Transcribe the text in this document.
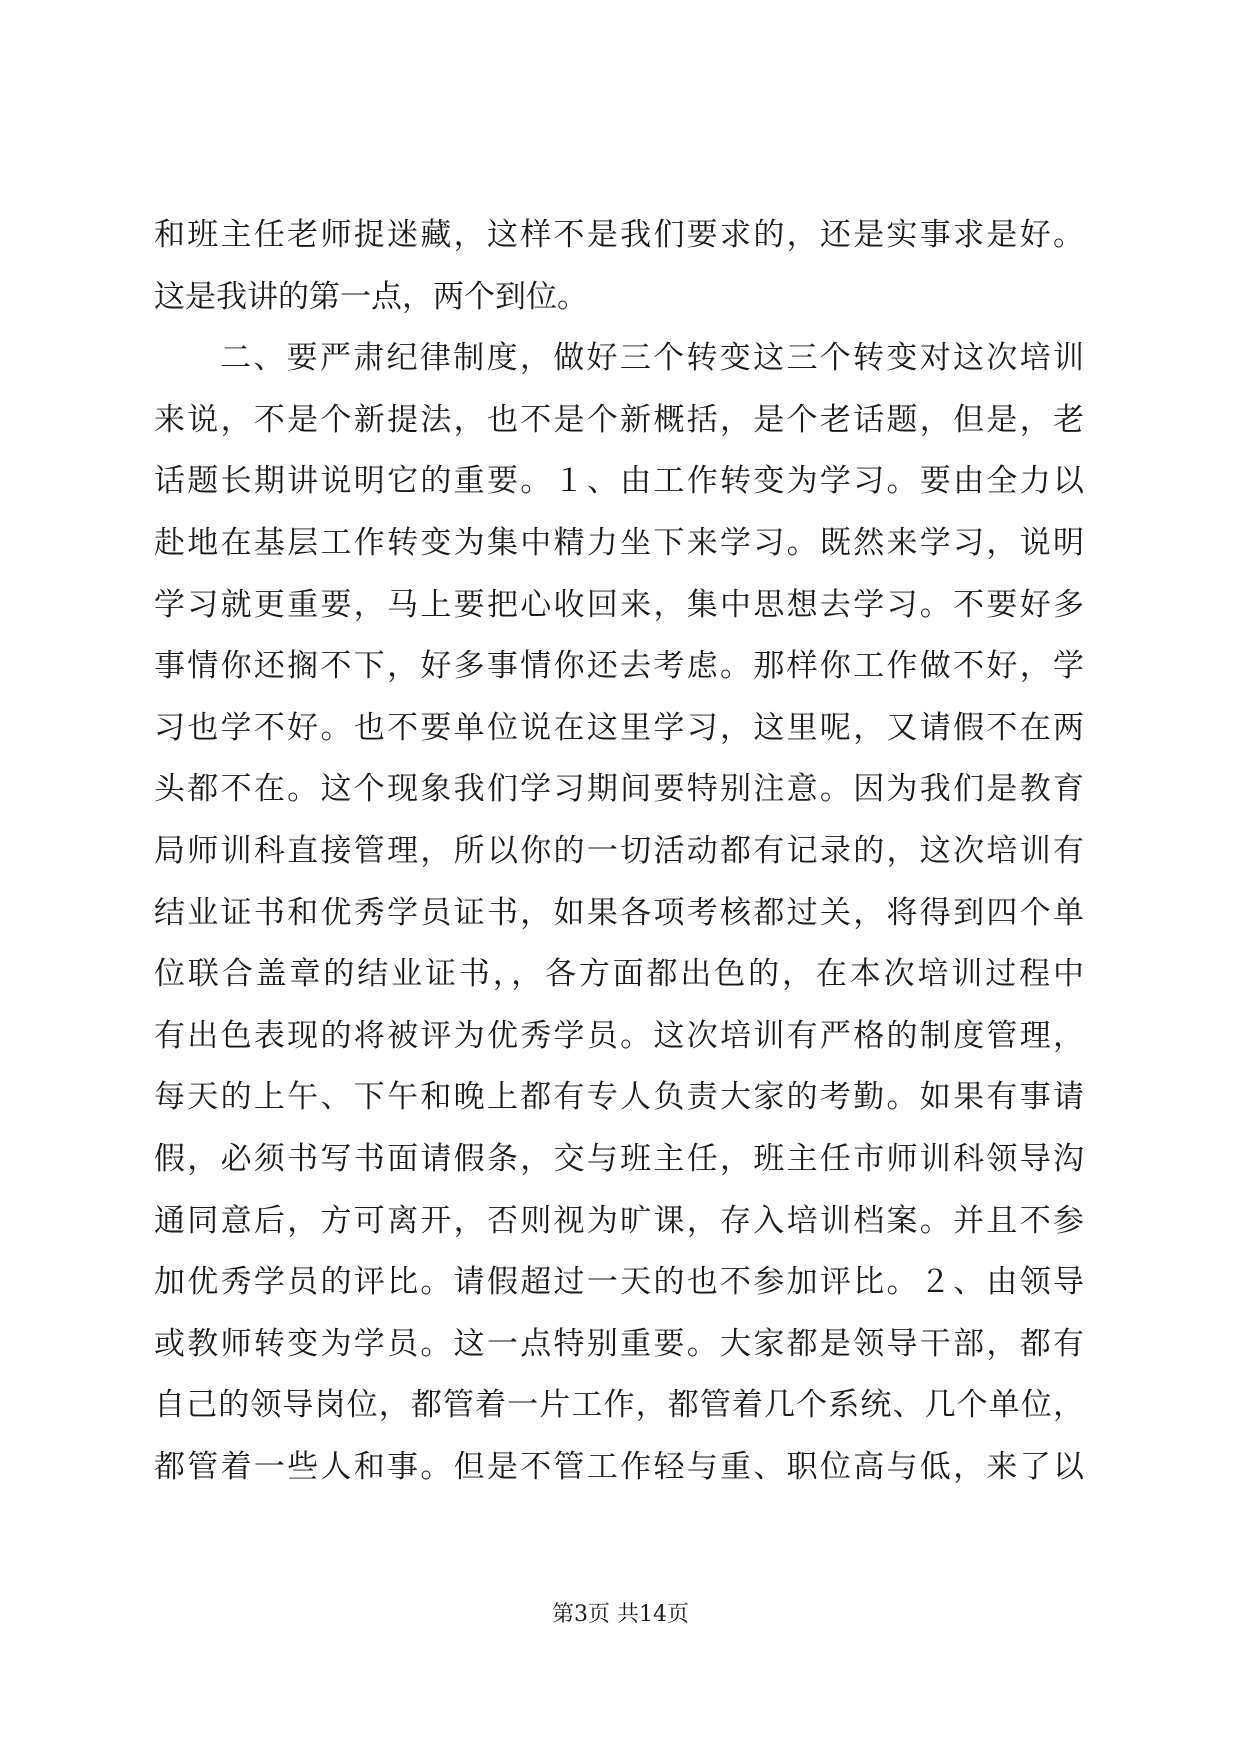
和班主任老师捉迷藏，这样不是我们要求的，还是实事求是好。
这是我讲的第一点，两个到位。
二、要严肃纪律制度，做好三个转变这三个转变对这次培训
来说，不是个新提法，也不是个新概括，是个老话题，但是，老
话题长期讲说明它的重要。１、由工作转变为学习。要由全力以
赴地在基层工作转变为集中精力坐下来学习。既然来学习，说明
学习就更重要，马上要把心收回来，集中思想去学习。不要好多
事情你还搁不下，好多事情你还去考虑。那样你工作做不好，学
习也学不好。也不要单位说在这里学习，这里呢，又请假不在两
头都不在。这个现象我们学习期间要特别注意。因为我们是教育
局师训科直接管理，所以你的一切活动都有记录的，这次培训有
结业证书和优秀学员证书，如果各项考核都过关，将得到四个单
位联合盖章的结业证书，，各方面都出色的，在本次培训过程中
有出色表现的将被评为优秀学员。这次培训有严格的制度管理，
每天的上午、下午和晚上都有专人负责大家的考勤。如果有事请
假，必须书写书面请假条，交与班主任，班主任市师训科领导沟
通同意后，方可离开，否则视为旷课，存入培训档案。并且不参
加优秀学员的评比。请假超过一天的也不参加评比。２、由领导
或教师转变为学员。这一点特别重要。大家都是领导干部，都有
自己的领导岗位，都管着一片工作，都管着几个系统、几个单位，
都管着一些人和事。但是不管工作轻与重、职位高与低，来了以
第3页 共14页
